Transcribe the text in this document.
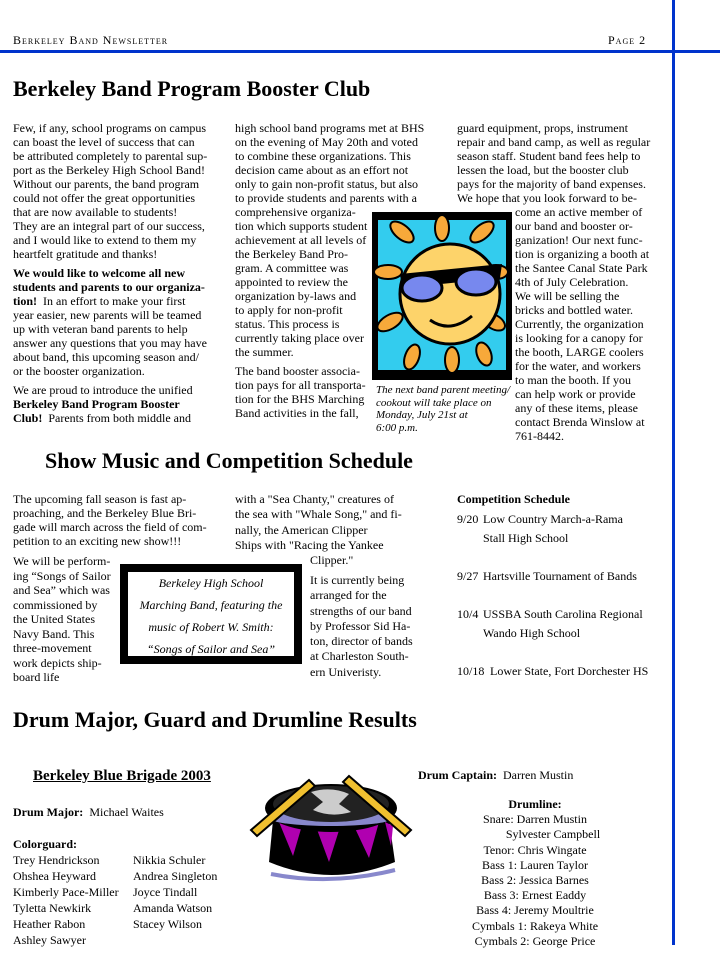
Berkeley Band Newsletter	Page 2
Berkeley Band Program Booster Club
Few, if any, school programs on campus
can boast the level of success that can
be attributed completely to parental sup-
port as the Berkeley High School Band!
Without our parents, the band program
could not offer the great opportunities
that are now available to students!
They are an integral part of our success,
and I would like to extend to them my
heartfelt gratitude and thanks!
We would like to welcome all new
students and parents to our organiza-
tion!  In an effort to make your first
year easier, new parents will be teamed
up with veteran band parents to help
answer any questions that you may have
about band, this upcoming season and/
or the booster organization.
We are proud to introduce the unified
Berkeley Band Program Booster
Club!  Parents from both middle and
high school band programs met at BHS
on the evening of May 20th and voted
to combine these organizations. This
decision came about as an effort not
only to gain non-profit status, but also
to provide students and parents with a
comprehensive organiza-
tion which supports student
achievement at all levels of
the Berkeley Band Pro-
gram. A committee was
appointed to review the
organization by-laws and
to apply for non-profit
status. This process is
currently taking place over
the summer.
The band booster associa-
tion pays for all transporta-
tion for the BHS Marching
Band activities in the fall,
guard equipment, props, instrument
repair and band camp, as well as regular
season staff. Student band fees help to
lessen the load, but the booster club
pays for the majority of band expenses.
We hope that you look forward to be-
come an active member of
our band and booster or-
ganization! Our next func-
tion is organizing a booth at
the Santee Canal State Park
4th of July Celebration.
We will be selling the
bricks and bottled water.
Currently, the organization
is looking for a canopy for
the booth, LARGE coolers
for the water, and workers
to man the booth. If you
can help work or provide
any of these items, please
contact Brenda Winslow at
761-8442.
The next band parent meeting/
cookout will take place on
Monday, July 21st at
6:00 p.m.
Show Music and Competition Schedule
The upcoming fall season is fast ap-
proaching, and the Berkeley Blue Bri-
gade will march across the field of com-
petition to an exciting new show!!!
We will be perform-
ing “Songs of Sailor
and Sea” which was
commissioned by
the United States
Navy Band. This
three-movement
work depicts ship-
board life
with a "Sea Chanty," creatures of
the sea with "Whale Song," and fi-
nally, the American Clipper
Ships with "Racing the Yankee
Clipper."
It is currently being
arranged for the
strengths of our band
by Professor Sid Ha-
ton, director of bands
at Charleston South-
ern Univeristy.
Berkeley High School
Marching Band, featuring the
music of Robert W. Smith:
“Songs of Sailor and Sea”
Competition Schedule
9/20 Low Country March-a-Rama
Stall High School
9/27 Hartsville Tournament of Bands
10/4 USSBA South Carolina Regional
Wando High School
10/18 Lower State, Fort Dorchester HS
Drum Major, Guard and Drumline Results
Berkeley Blue Brigade 2003
Drum Major: Michael Waites
Colorguard:
Trey Hendrickson
Ohshea Heyward
Kimberly Pace-Miller
Tyletta Newkirk
Heather Rabon
Ashley Sawyer
Nikkia Schuler
Andrea Singleton
Joyce Tindall
Amanda Watson
Stacey Wilson
Drum Captain: Darren Mustin
Drumline:
Snare: Darren Mustin
Sylvester Campbell
Tenor: Chris Wingate
Bass 1: Lauren Taylor
Bass 2: Jessica Barnes
Bass 3: Ernest Eaddy
Bass 4: Jeremy Moultrie
Cymbals 1: Rakeya White
Cymbals 2: George Price
